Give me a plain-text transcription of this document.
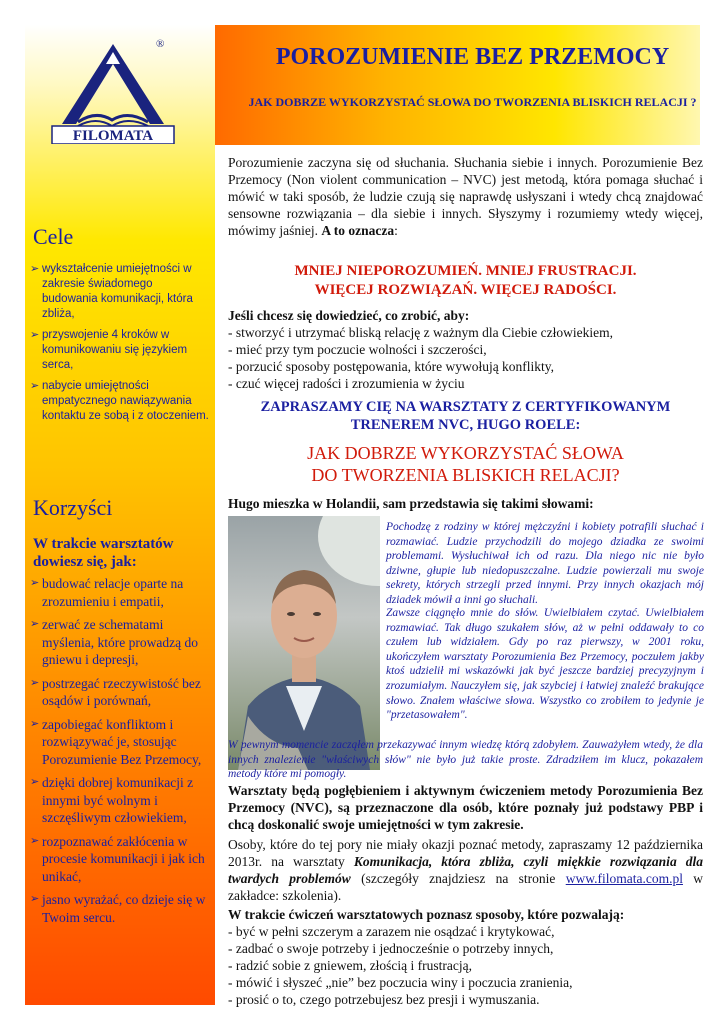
FILOMATA
®	POROZUMIENIE BEZ PRZEMOCY
JAK DOBRZE WYKORZYSTAĆ SŁOWA DO TWORZENIA BLISKICH RELACJI ?
Cele
➢ wykształcenie umiejętności w zakresie świadomego budowania komunikacji, która zbliża,
➢ przyswojenie 4 kroków w komunikowaniu się językiem serca,
➢ nabycie umiejętności empatycznego nawiązywania kontaktu ze sobą i z otoczeniem.
Korzyści
W trakcie warsztatów dowiesz się, jak:
➢ budować relacje oparte na zrozumieniu i empatii,
➢ zerwać ze schematami myślenia, które prowadzą do gniewu i depresji,
➢ postrzegać rzeczywistość bez osądów i porównań,
➢ zapobiegać konfliktom i rozwiązywać je, stosując Porozumienie Bez Przemocy,
➢ dzięki dobrej komunikacji z innymi być wolnym i szczęśliwym człowiekiem,
➢ rozpoznawać zakłócenia w procesie komunikacji i jak ich unikać,
➢ jasno wyrażać, co dzieje się w Twoim sercu.
Porozumienie zaczyna się od słuchania. Słuchania siebie i innych. Porozumienie Bez Przemocy (Non violent communication – NVC) jest metodą, która pomaga słuchać i mówić w taki sposób, że ludzie czują się naprawdę usłyszani i wtedy chcą znajdować sensowne rozwiązania – dla siebie i innych. Słyszymy i rozumiemy wtedy więcej, mówimy jaśniej. A to oznacza:
MNIEJ NIEPOROZUMIEŃ. MNIEJ FRUSTRACJI.
WIĘCEJ ROZWIĄZAŃ. WIĘCEJ RADOŚCI.
Jeśli chcesz się dowiedzieć, co zrobić, aby:
- stworzyć i utrzymać bliską relację z ważnym dla Ciebie człowiekiem,
- mieć przy tym poczucie wolności i szczerości,
- porzucić sposoby postępowania, które wywołują konflikty,
- czuć więcej radości i zrozumienia w życiu
ZAPRASZAMY CIĘ NA WARSZTATY Z CERTYFIKOWANYM
TRENEREM NVC, HUGO ROELE:
JAK DOBRZE WYKORZYSTAĆ SŁOWA
DO TWORZENIA BLISKICH RELACJI?
Hugo mieszka w Holandii, sam przedstawia się takimi słowami:
Pochodzę z rodziny w której mężczyźni i kobiety potrafili słuchać i rozmawiać. Ludzie przychodzili do mojego dziadka ze swoimi problemami. Wysłuchiwał ich od razu. Dla niego nic nie było dziwne, głupie lub niedopuszczalne. Ludzie powierzali mu swoje sekrety, których strzegli przed innymi. Przy innych okazjach mój dziadek mówił a inni go słuchali.
Zawsze ciągnęło mnie do słów. Uwielbiałem czytać. Uwielbiałem rozmawiać. Tak długo szukałem słów, aż w pełni oddawały to co czułem lub widziałem. Gdy po raz pierwszy, w 2001 roku, ukończyłem warsztaty Porozumienia Bez Przemocy, poczułem jakby ktoś udzielił mi wskazówki jak być jeszcze bardziej precyzyjnym i zrozumiałym. Nauczyłem się, jak szybciej i łatwiej znaleźć brakujące słowo. Znałem właściwe słowa. Wszystko co zrobiłem to jedynie je "przetasowałem".
W pewnym momencie zacząłem przekazywać innym wiedzę którą zdobyłem. Zauważyłem wtedy, że dla innych znalezienie "właściwych słów" nie było już takie proste. Zdradziłem im klucz, pokazałem metody które mi pomogły.
Warsztaty będą pogłębieniem i aktywnym ćwiczeniem metody Porozumienia Bez Przemocy (NVC), są przeznaczone dla osób, które poznały już podstawy PBP i chcą doskonalić swoje umiejętności w tym zakresie.
Osoby, które do tej pory nie miały okazji poznać metody, zapraszamy 12 października 2013r. na warsztaty Komunikacja, która zbliża, czyli miękkie rozwiązania dla twardych problemów (szczegóły znajdziesz na stronie www.filomata.com.pl w zakładce: szkolenia).
W trakcie ćwiczeń warsztatowych poznasz sposoby, które pozwalają:
- być w pełni szczerym a zarazem nie osądzać i krytykować,
- zadbać o swoje potrzeby i jednocześnie o potrzeby innych,
- radzić sobie z gniewem, złością i frustracją,
- mówić i słyszeć „nie” bez poczucia winy i poczucia zranienia,
- prosić o to, czego potrzebujesz bez presji i wymuszania.
